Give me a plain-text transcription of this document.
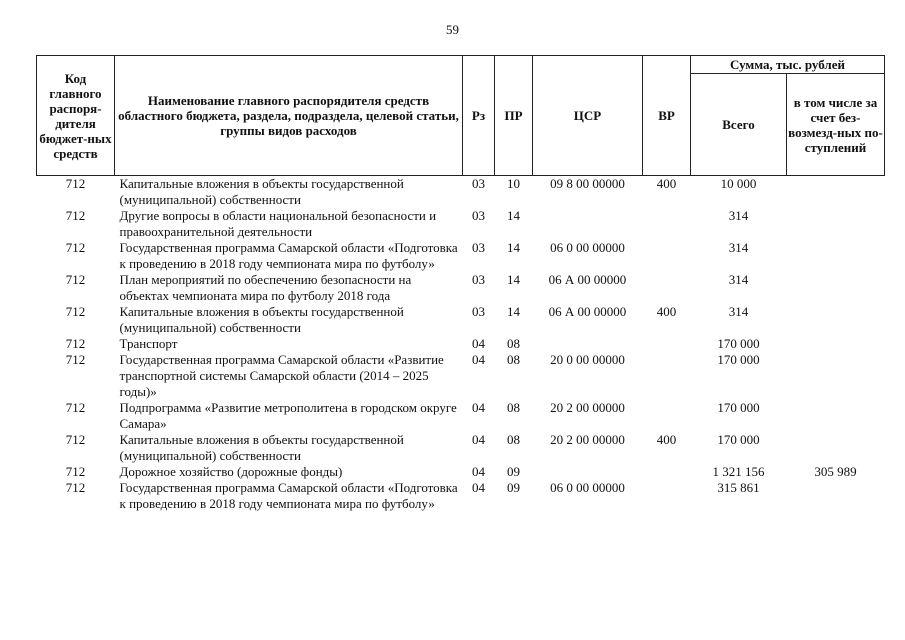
59
Код главного распоря-дителя бюджет-ных средств	Наименование главного распорядителя средств областного бюджета, раздела, подраздела, целевой статьи, группы видов расходов	Рз	ПР	ЦСР	ВР	Сумма, тыс. рублей	
						Всего	в том числе за счет без-возмезд-ных по-ступлений
712	Капитальные вложения в объекты государственной (муниципальной) собственности	03	10	09 8 00 00000	400	10 000	
712	Другие вопросы в области национальной безопасности и правоохранительной деятельности	03	14			314	
712	Государственная программа Самарской области «Подготовка к проведению в 2018 году чемпионата мира по футболу»	03	14	06 0 00 00000		314	
712	План мероприятий по обеспечению безопасности на объектах чемпионата мира по футболу 2018 года	03	14	06 А 00 00000		314	
712	Капитальные вложения в объекты государственной (муниципальной) собственности	03	14	06 А 00 00000	400	314	
712	Транспорт	04	08			170 000	
712	Государственная программа Самарской области «Развитие транспортной системы Самарской области (2014 – 2025 годы)»	04	08	20 0 00 00000		170 000	
712	Подпрограмма «Развитие метрополитена в городском округе Самара»	04	08	20 2 00 00000		170 000	
712	Капитальные вложения в объекты государственной (муниципальной) собственности	04	08	20 2 00 00000	400	170 000	
712	Дорожное хозяйство (дорожные фонды)	04	09			1 321 156	305 989
712	Государственная программа Самарской области «Подготовка к проведению в 2018 году чемпионата мира по футболу»	04	09	06 0 00 00000		315 861	
